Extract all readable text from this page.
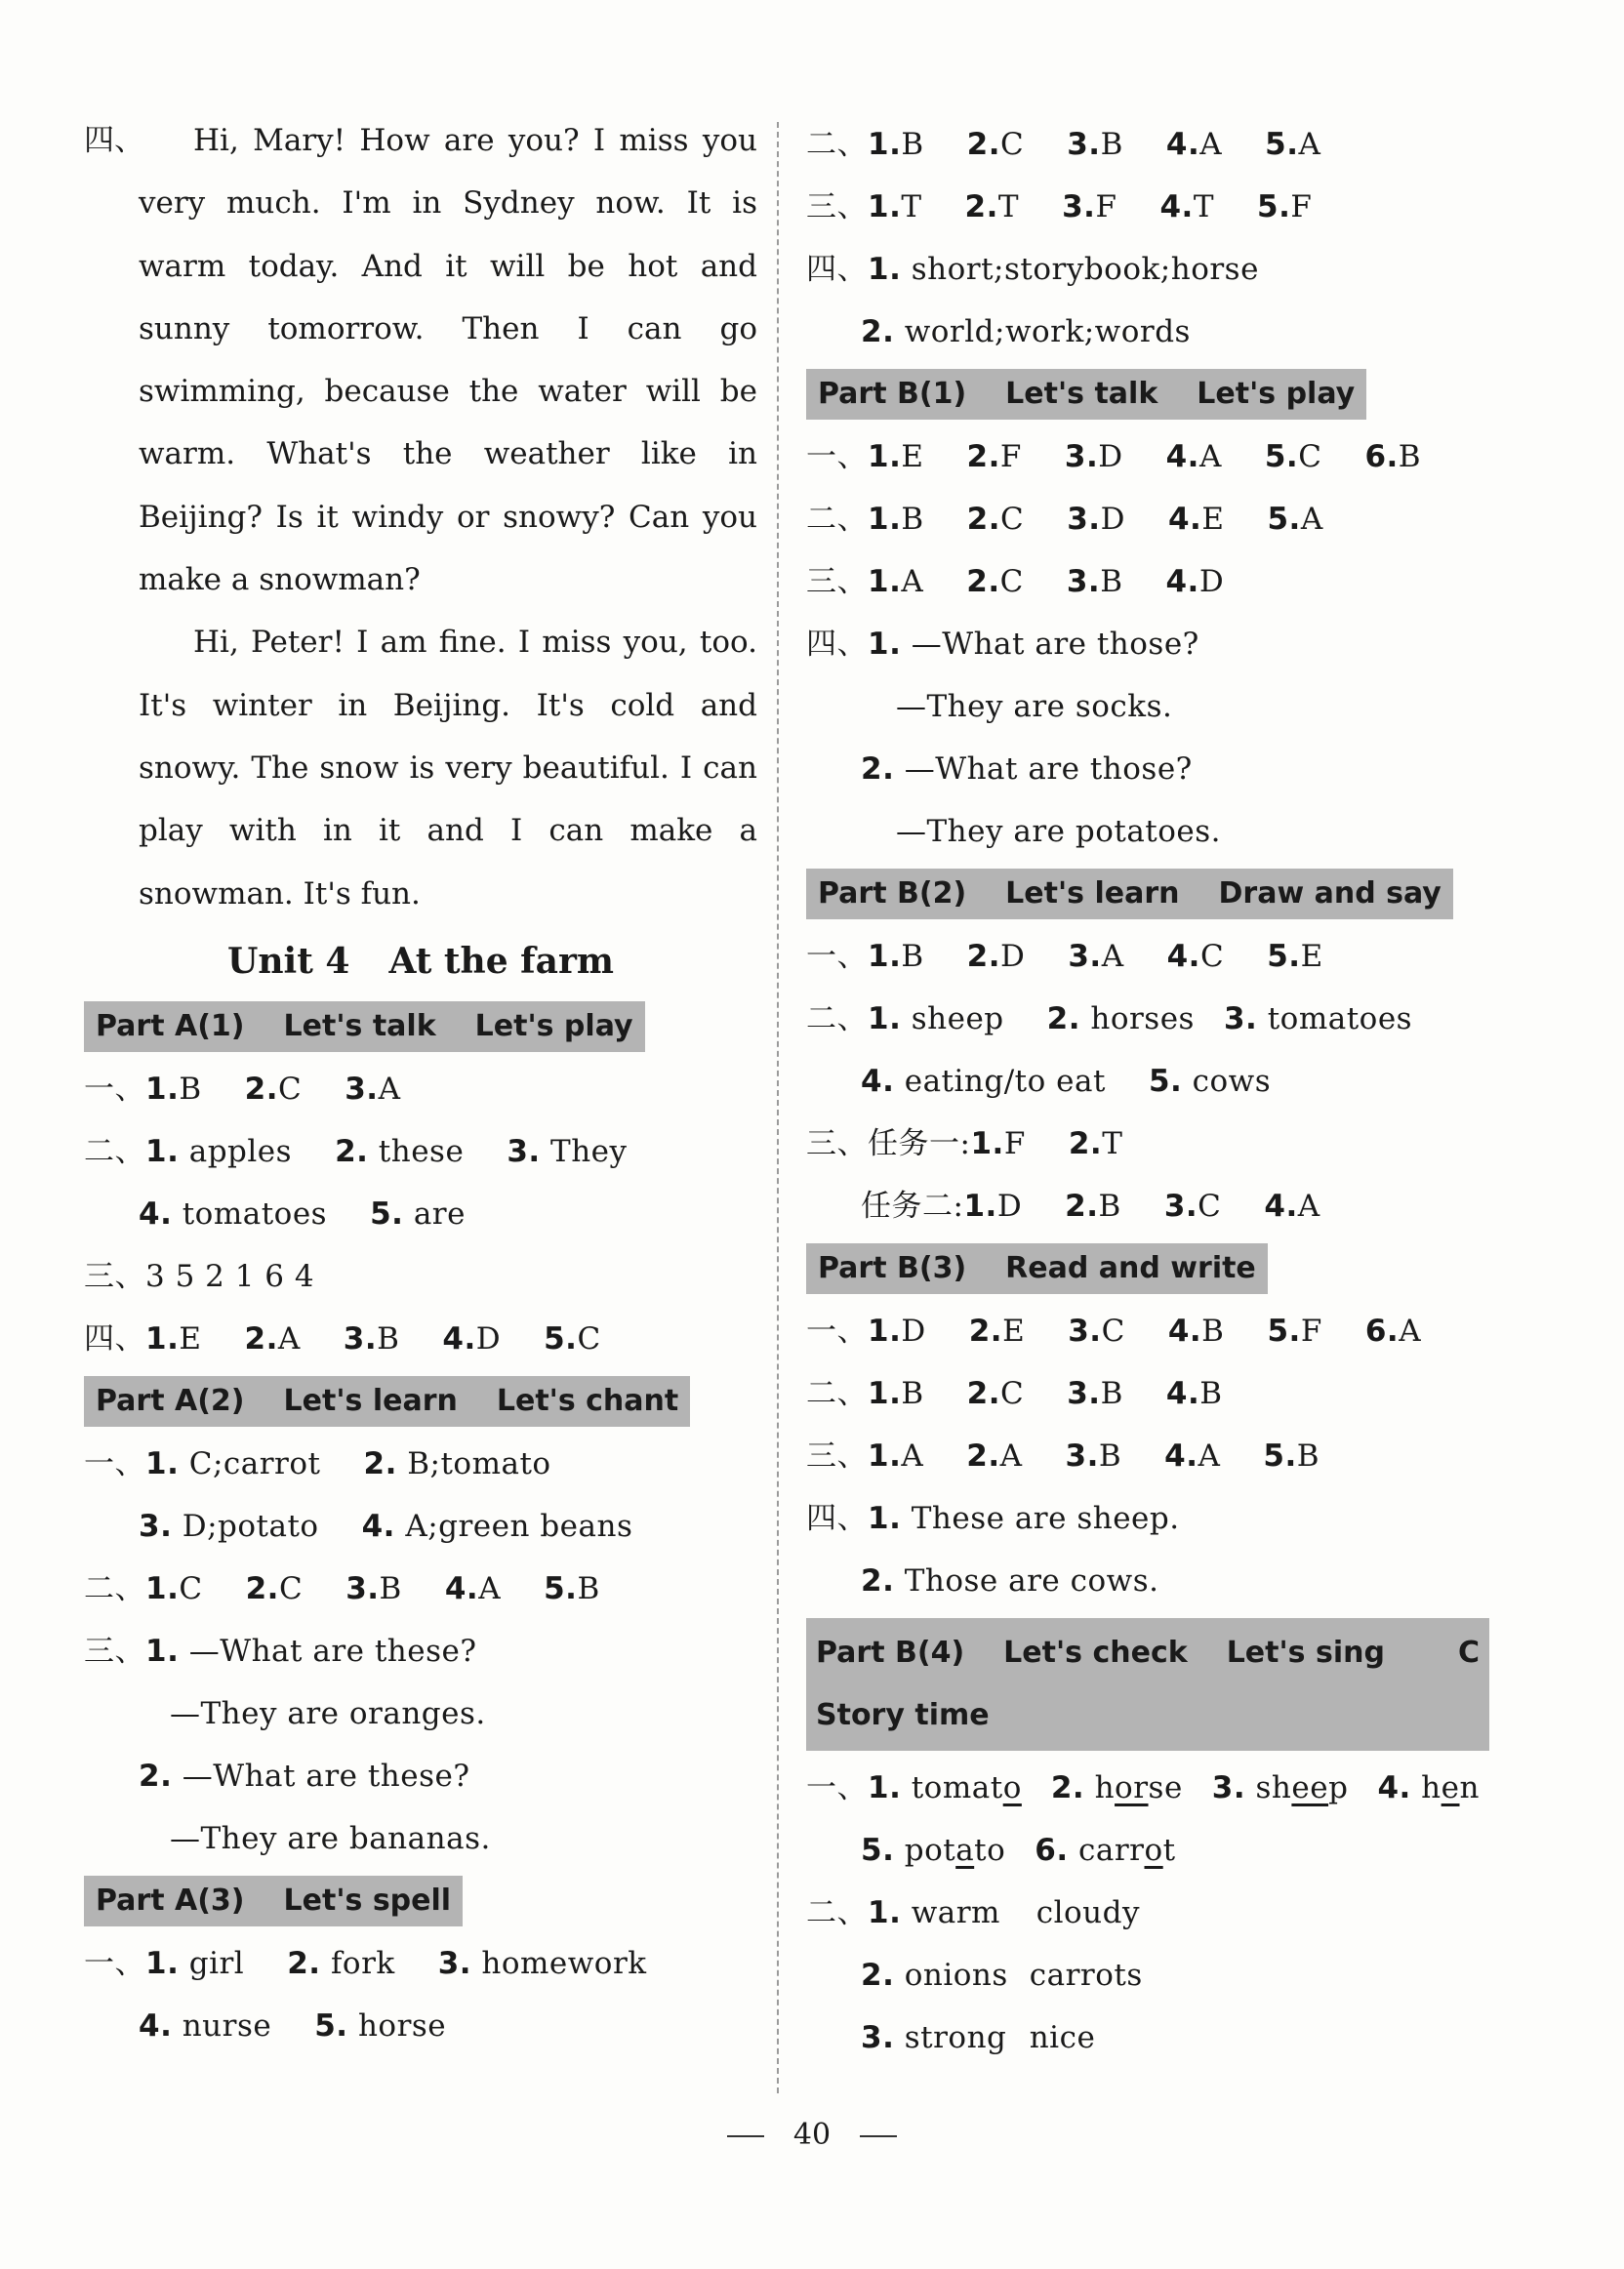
四、	Hi, Mary! How are you? I miss you very much. I'm in Sydney now. It is warm today. And it will be hot and sunny tomorrow. Then I can go swimming, because the water will be warm. What's the weather like in Beijing? Is it windy or snowy? Can you make a snowman?
Hi, Peter! I am fine. I miss you, too. It's winter in Beijing. It's cold and snowy. The snow is very beautiful. I can play with in it and I can make a snowman. It's fun.
Unit 4 At the farm
Part A(1) Let's talk Let's play
一、1.B 2.C 3.A
二、1. apples 2. these 3. They
4. tomatoes 5. are
三、3 5 2 1 6 4
四、1.E 2.A 3.B 4.D 5.C
Part A(2) Let's learn Let's chant
一、1. C;carrot 2. B;tomato
3. D;potato 4. A;green beans
二、1.C 2.C 3.B 4.A 5.B
三、1. —What are these?
—They are oranges.
2. —What are these?
—They are bananas.
Part A(3) Let's spell
一、1. girl 2. fork 3. homework
4. nurse 5. horse
二、1.B 2.C 3.B 4.A 5.A
三、1.T 2.T 3.F 4.T 5.F
四、1. short;storybook;horse
2. world;work;words
Part B(1) Let's talk Let's play
一、1.E 2.F 3.D 4.A 5.C 6.B
二、1.B 2.C 3.D 4.E 5.A
三、1.A 2.C 3.B 4.D
四、1. —What are those?
—They are socks.
2. —What are those?
—They are potatoes.
Part B(2) Let's learn Draw and say
一、1.B 2.D 3.A 4.C 5.E
二、1. sheep 2. horses 3. tomatoes
4. eating/to eat 5. cows
三、任务一:1.F 2.T
任务二:1.D 2.B 3.C 4.A
Part B(3) Read and write
一、1.D 2.E 3.C 4.B 5.F 6.A
二、1.B 2.C 3.B 4.B
三、1.A 2.A 3.B 4.A 5.B
四、1. These are sheep.
2. Those are cows.
Part B(4) Let's check Let's sing	C
Story time
一、1. tomato 2. horse 3. sheep 4. hen
5. potato 6. carrot
二、1. warm cloudy
2. onions carrots
3. strong nice
40
